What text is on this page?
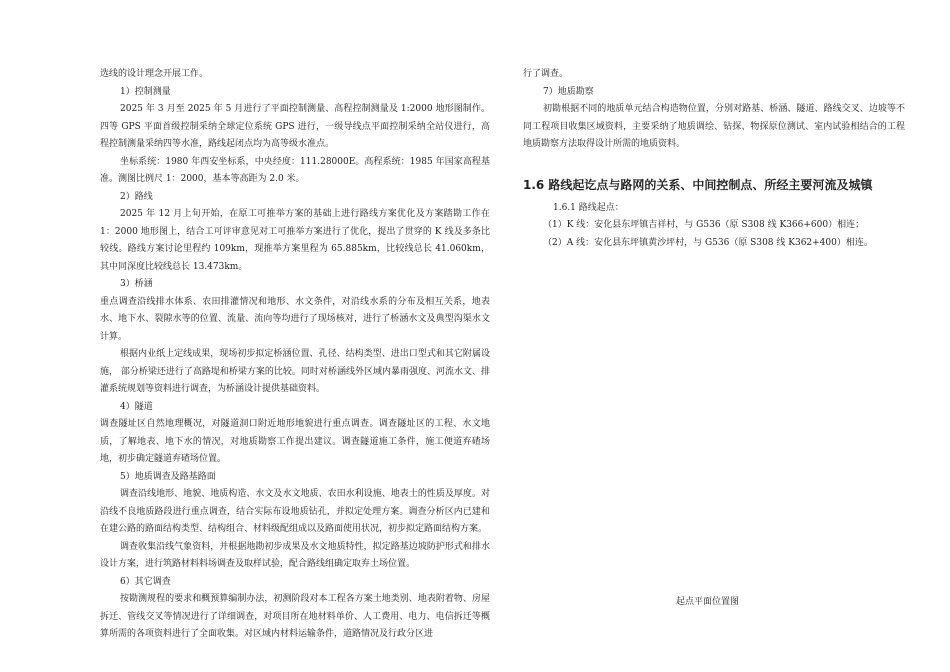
选线的设计理念开展工作。

1）控制测量

2025 年 3 月至 2025 年 5 月进行了平面控制测量、高程控制测量及 1:2000 地形图制作。四等 GPS 平面首级控制采纳全球定位系统 GPS 进行，一级导线点平面控制采纳全站仪进行，高程控制测量采纳四等水准，路线起闭点均为高等级水准点。

坐标系统：1980 年西安坐标系，中央经度：111.28000E。高程系统：1985 年国家高程基准。测图比例尺 1：2000，基本等高距为 2.0 米。

2）路线

2025 年 12 月上旬开始，在原工可推举方案的基础上进行路线方案优化及方案踏勘工作在 1：2000 地形图上，结合工可评审意见对工可推举方案进行了优化，提出了贯穿的 K 线及多条比较线。路线方案讨论里程约 109km，现推举方案里程为 65.885km，比较线总长 41.060km，其中同深度比较线总长 13.473km。

3）桥涵

重点调查沿线排水体系、农田排灌情况和地形、水文条件，对沿线水系的分布及相互关系，地表水、地下水、裂隙水等的位置、流量、流向等均进行了现场核对，进行了桥涵水文及典型沟渠水文计算。

根据内业纸上定线成果，现场初步拟定桥涵位置、孔径、结构类型、进出口型式和其它附属设施， 部分桥梁还进行了高路堤和桥梁方案的比较。同时对桥涵线外区域内暴雨强度、河流水文、排灌系统规划等资料进行调查，为桥涵设计提供基础资料。

4）隧道

调查隧址区自然地理概况，对隧道洞口附近地形地貌进行重点调查。调查隧址区的工程、水文地质，了解地表、地下水的情况，对地质勘察工作提出建议。调查隧道施工条件，施工便道弃碴场地，初步确定隧道弃碴场位置。

5）地质调查及路基路面

调查沿线地形、地貌、地质构造、水文及水文地质、农田水利设施、地表土的性质及厚度。对沿线不良地质路段进行重点调查，结合实际布设地质钻孔，并拟定处理方案。调查分析区内已建和在建公路的路面结构类型、结构组合、材料级配组成以及路面使用状况，初步拟定路面结构方案。

调查收集沿线气象资料，并根据地勘初步成果及水文地质特性，拟定路基边坡防护形式和排水设计方案，进行筑路材料料场调查及取样试验，配合路线组确定取弃土场位置。

6）其它调查

按勘测规程的要求和概预算编制办法，初测阶段对本工程各方案土地类别、地表附着物、房屋拆迁、管线交叉等情况进行了详细调查，对项目所在地材料单价、人工费用、电力、电信拆迁等概算所需的各项资料进行了全面收集。对区域内材料运输条件，道路情况及行政分区进

行了调查。

7）地质勘察

初勘根据不同的地质单元结合构造物位置，分别对路基、桥涵、隧道、路线交叉、边坡等不同工程项目收集区域资料，主要采纳了地质调绘、钻探、物探原位测试、室内试验相结合的工程地质勘察方法取得设计所需的地质资料。

1.6 路线起讫点与路网的关系、中间控制点、所经主要河流及城镇

1.6.1 路线起点：

（1）K 线：安化县东坪镇吉祥村，与 G536（原 S308 线 K366+600）相连；

（2）A 线：安化县东坪镇黄沙坪村，与 G536（原 S308 线 K362+400）相连。

起点平面位置图
